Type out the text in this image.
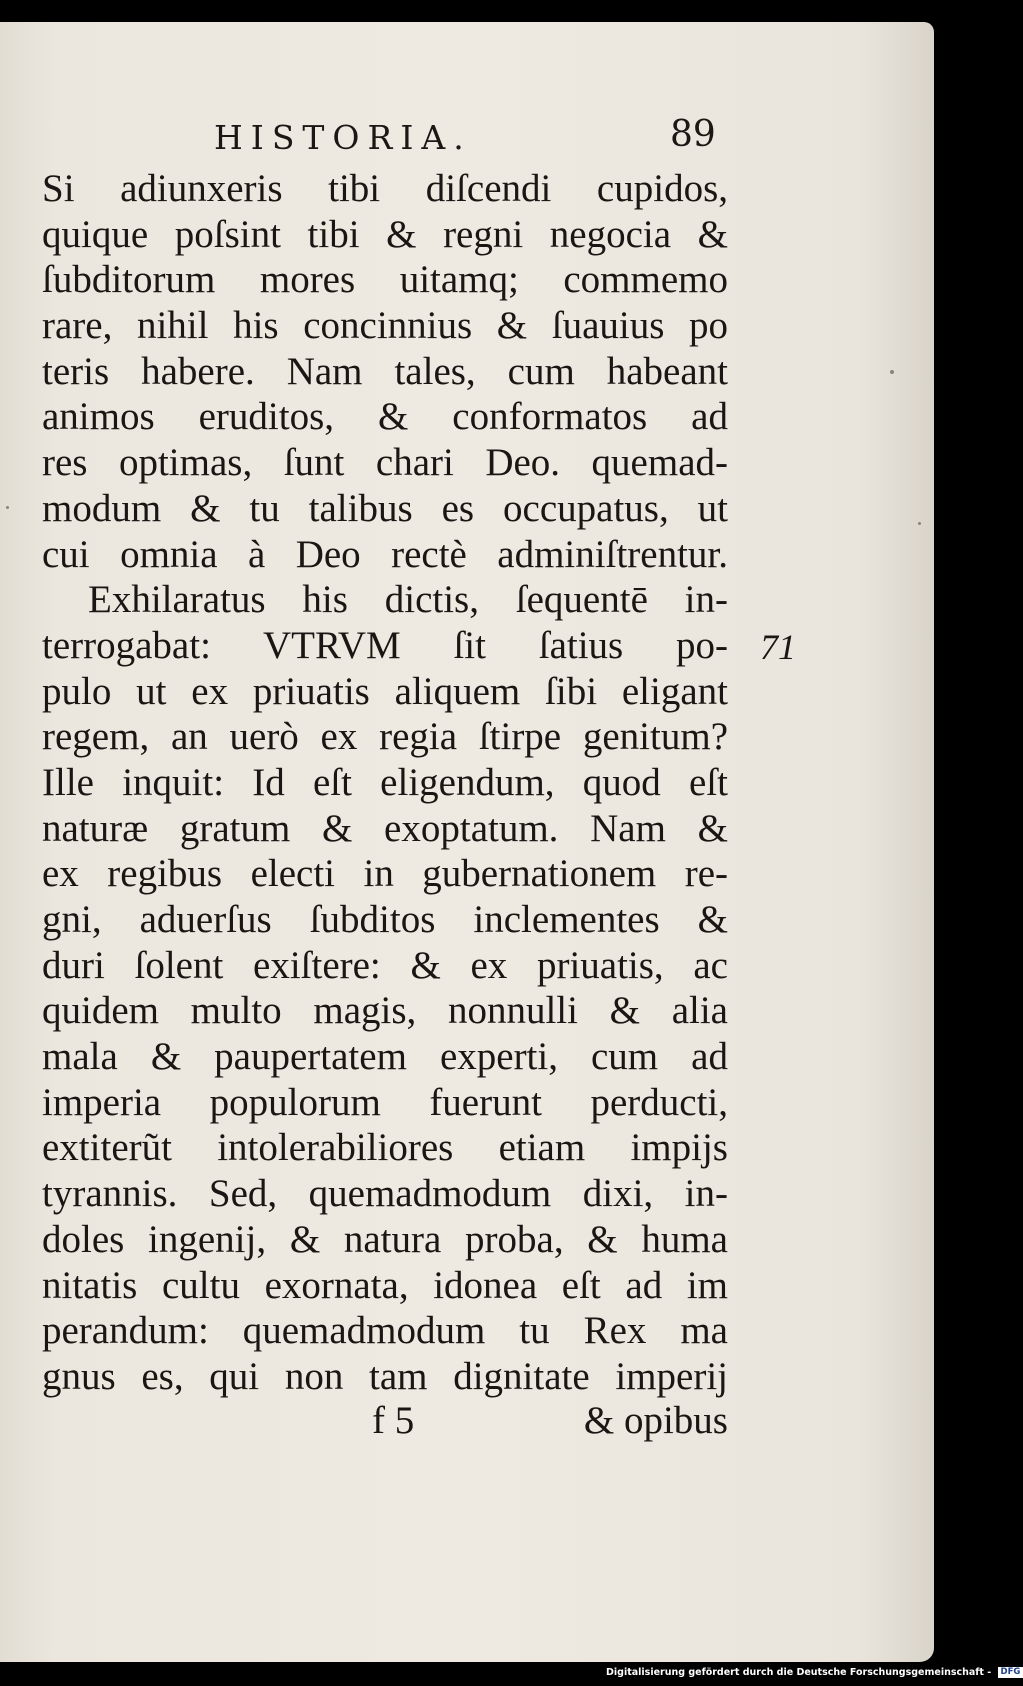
HISTORIA.	89
Si adiunxeris tibi diſcendi cupidos,
quique poſsint tibi & regni negocia &
ſubditorum mores uitamq; commemo
rare, nihil his concinnius & ſuauius po
teris habere. Nam tales, cum habeant
animos eruditos, & conformatos ad
res optimas, ſunt chari Deo. quemad-
modum & tu talibus es occupatus, ut
cui omnia à Deo rectè adminiſtrentur.
Exhilaratus his dictis, ſequentē in-
terrogabat: VTRVM ſit ſatius po-
pulo ut ex priuatis aliquem ſibi eligant
regem, an uerò ex regia ſtirpe genitum?
Ille inquit: Id eſt eligendum, quod eſt
naturæ gratum & exoptatum. Nam &
ex regibus electi in gubernationem re-
gni, aduerſus ſubditos inclementes &
duri ſolent exiſtere: & ex priuatis, ac
quidem multo magis, nonnulli & alia
mala & paupertatem experti, cum ad
imperia populorum fuerunt perducti,
extiterũt intolerabiliores etiam impijs
tyrannis. Sed, quemadmodum dixi, in-
doles ingenij, & natura proba, & huma
nitatis cultu exornata, idonea eſt ad im
perandum: quemadmodum tu Rex ma
gnus es, qui non tam dignitate imperij
71
f 5	& opibus
Digitalisierung gefördert durch die Deutsche Forschungsgemeinschaft - DFG
